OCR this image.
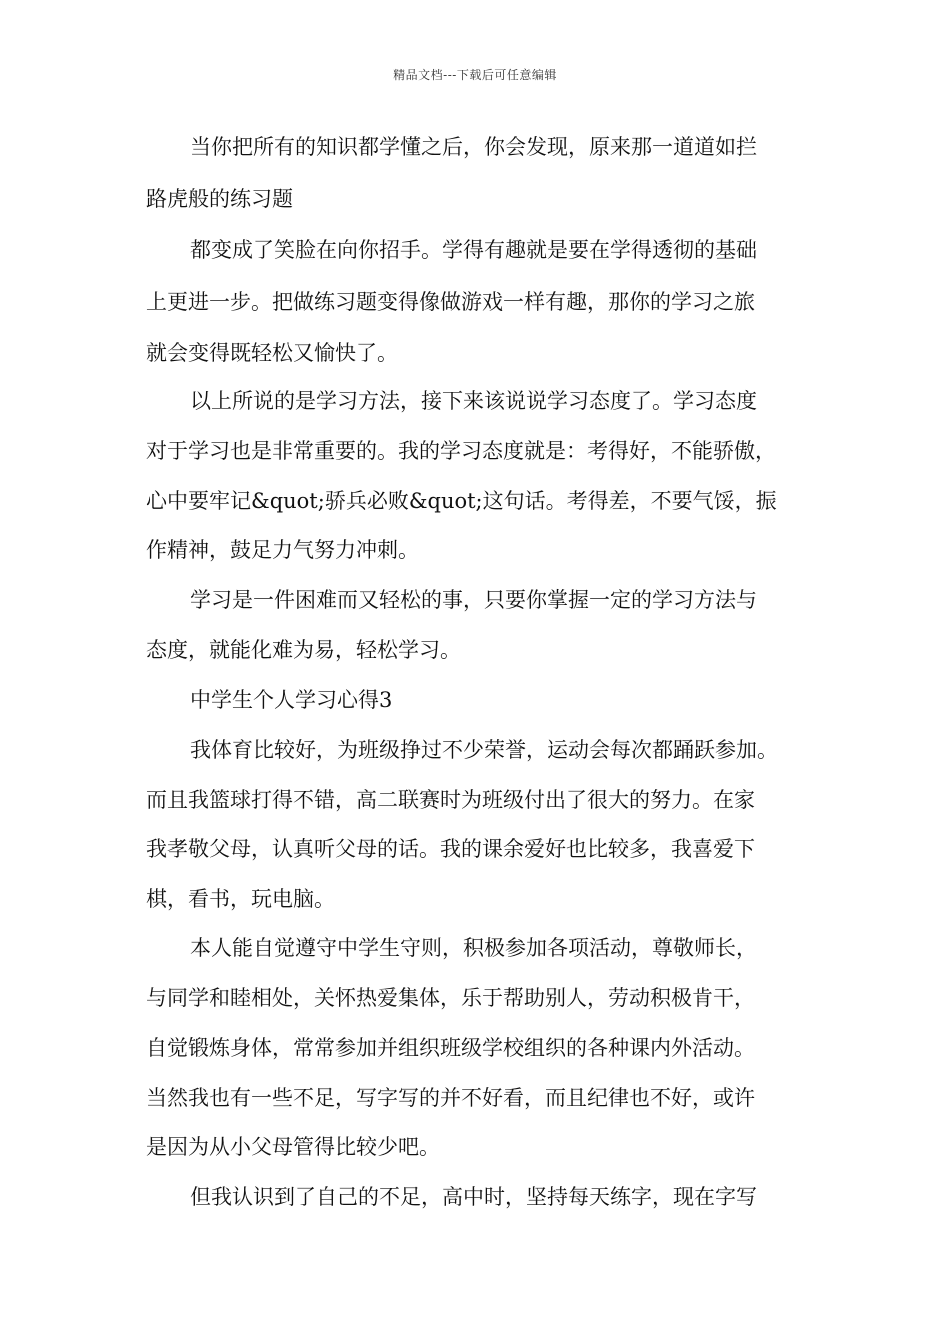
精品文档---下载后可任意编辑
当你把所有的知识都学懂之后，你会发现，原来那一道道如拦
路虎般的练习题
都变成了笑脸在向你招手。学得有趣就是要在学得透彻的基础
上更进一步。把做练习题变得像做游戏一样有趣，那你的学习之旅
就会变得既轻松又愉快了。
以上所说的是学习方法，接下来该说说学习态度了。学习态度
对于学习也是非常重要的。我的学习态度就是：考得好，不能骄傲，
心中要牢记&quot;骄兵必败&quot;这句话。考得差，不要气馁，振
作精神，鼓足力气努力冲刺。
学习是一件困难而又轻松的事，只要你掌握一定的学习方法与
态度，就能化难为易，轻松学习。
中学生个人学习心得3
我体育比较好，为班级挣过不少荣誉，运动会每次都踊跃参加。
而且我篮球打得不错，高二联赛时为班级付出了很大的努力。在家
我孝敬父母，认真听父母的话。我的课余爱好也比较多，我喜爱下
棋，看书，玩电脑。
本人能自觉遵守中学生守则，积极参加各项活动，尊敬师长，
与同学和睦相处，关怀热爱集体，乐于帮助别人，劳动积极肯干，
自觉锻炼身体，常常参加并组织班级学校组织的各种课内外活动。
当然我也有一些不足，写字写的并不好看，而且纪律也不好，或许
是因为从小父母管得比较少吧。
但我认识到了自己的不足，高中时，坚持每天练字，现在字写
